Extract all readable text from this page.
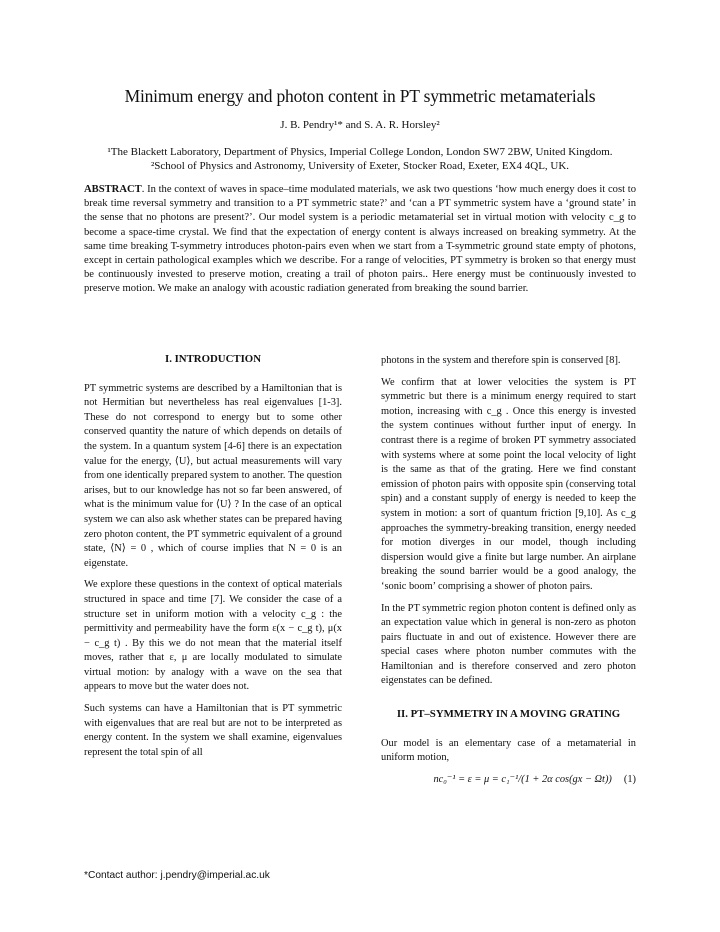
Minimum energy and photon content in PT symmetric metamaterials
J. B. Pendry¹* and S. A. R. Horsley²
¹The Blackett Laboratory, Department of Physics, Imperial College London, London SW7 2BW, United Kingdom.
²School of Physics and Astronomy, University of Exeter, Stocker Road, Exeter, EX4 4QL, UK.
ABSTRACT. In the context of waves in space–time modulated materials, we ask two questions ‘how much energy does it cost to break time reversal symmetry and transition to a PT symmetric state?’ and ‘can a PT symmetric system have a ‘ground state’ in the sense that no photons are present?’. Our model system is a periodic metamaterial set in virtual motion with velocity c_g to become a space-time crystal. We find that the expectation of energy content is always increased on breaking symmetry. At the same time breaking T-symmetry introduces photon-pairs even when we start from a T-symmetric ground state empty of photons, except in certain pathological examples which we describe. For a range of velocities, PT symmetry is broken so that energy must be continuously invested to preserve motion, creating a trail of photon pairs.. Here energy must be continuously invested to preserve motion. We make an analogy with acoustic radiation generated from breaking the sound barrier.
I. INTRODUCTION

PT symmetric systems are described by a Hamiltonian that is not Hermitian but nevertheless has real eigenvalues [1-3]. These do not correspond to energy but to some other conserved quantity the nature of which depends on details of the system. In a quantum system [4-6] there is an expectation value for the energy, ⟨U⟩, but actual measurements will vary from one identically prepared system to another. The question arises, but to our knowledge has not so far been answered, of what is the minimum value for ⟨U⟩ ? In the case of an optical system we can also ask whether states can be prepared having zero photon content, the PT symmetric equivalent of a ground state, ⟨N⟩ = 0 , which of course implies that N = 0 is an eigenstate.

We explore these questions in the context of optical materials structured in space and time [7]. We consider the case of a structure set in uniform motion with a velocity c_g : the permittivity and permeability have the form ε(x − c_g t), μ(x − c_g t) . By this we do not mean that the material itself moves, rather that ε, μ are locally modulated to simulate virtual motion: by analogy with a wave on the sea that appears to move but the water does not.

Such systems can have a Hamiltonian that is PT symmetric with eigenvalues that are real but are not to be interpreted as energy content. In the system we shall examine, eigenvalues represent the total spin of all

photons in the system and therefore spin is conserved [8].

We confirm that at lower velocities the system is PT symmetric but there is a minimum energy required to start motion, increasing with c_g . Once this energy is invested the system continues without further input of energy. In contrast there is a regime of broken PT symmetry associated with systems where at some point the local velocity of light is the same as that of the grating. Here we find constant emission of photon pairs with opposite spin (conserving total spin) and a constant supply of energy is needed to keep the system in motion: a sort of quantum friction [9,10]. As c_g approaches the symmetry-breaking transition, energy needed for motion diverges in our model, though including dispersion would give a finite but large number. An airplane breaking the sound barrier would be a good analogy, the ‘sonic boom’ comprising a shower of photon pairs.

In the PT symmetric region photon content is defined only as an expectation value which in general is non-zero as photon pairs fluctuate in and out of existence. However there are special cases where photon number commutes with the Hamiltonian and is therefore conserved and zero photon eigenstates can be defined.

II. PT–SYMMETRY IN A MOVING GRATING

Our model is an elementary case of a metamaterial in uniform motion,

nc₀⁻¹ = ε = μ = c₁⁻¹/(1 + 2α cos(gx − Ωt)) (1)
*Contact author: j.pendry@imperial.ac.uk
